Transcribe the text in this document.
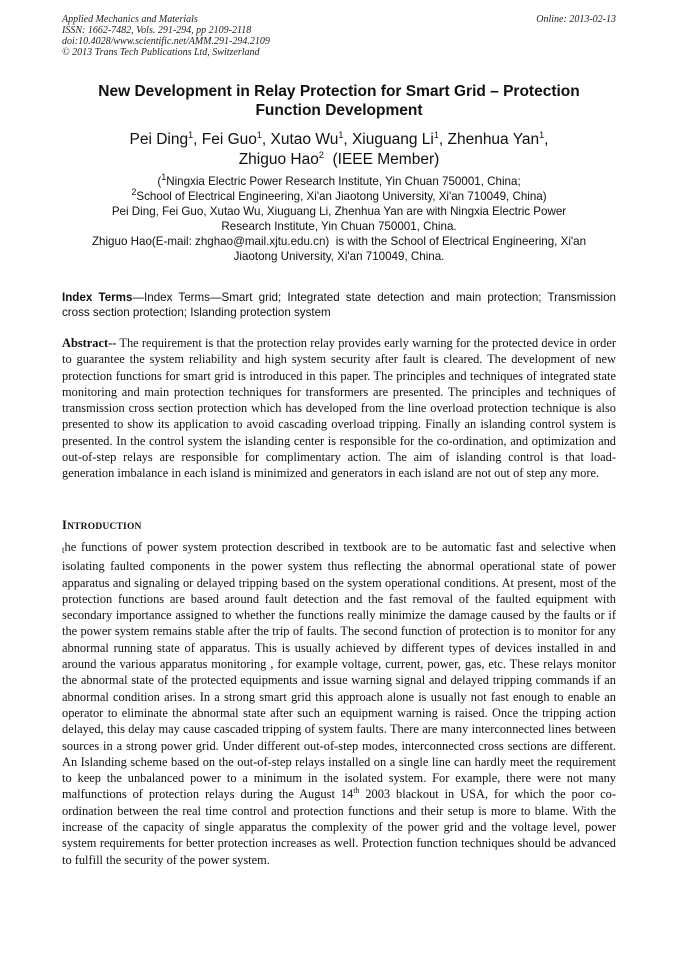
Applied Mechanics and Materials
ISSN: 1662-7482, Vols. 291-294, pp 2109-2118
doi:10.4028/www.scientific.net/AMM.291-294.2109
© 2013 Trans Tech Publications Ltd, Switzerland
Online: 2013-02-13
New Development in Relay Protection for Smart Grid – Protection
Function Development
Pei Ding$^1$, Fei Guo$^1$, Xutao Wu$^1$, Xiuguang Li$^1$, Zhenhua Yan$^1$,
Zhiguo Hao$^2$  (IEEE Member)
($^1$Ningxia Electric Power Research Institute, Yin Chuan 750001, China;
$^2$School of Electrical Engineering, Xi'an Jiaotong University, Xi'an 710049, China)
Pei Ding, Fei Guo, Xutao Wu, Xiuguang Li, Zhenhua Yan are with Ningxia Electric Power
Research Institute, Yin Chuan 750001, China.
Zhiguo Hao(E-mail: zhghao@mail.xjtu.edu.cn)  is with the School of Electrical Engineering, Xi'an
Jiaotong University, Xi'an 710049, China.
Index Terms—Index Terms—Smart grid; Integrated state detection and main protection; Transmission cross section protection; Islanding protection system
Abstract-- The requirement is that the protection relay provides early warning for the protected device in order to guarantee the system reliability and high system security after fault is cleared. The development of new protection functions for smart grid is introduced in this paper. The principles and techniques of integrated state monitoring and main protection techniques for transformers are presented. The principles and techniques of transmission cross section protection which has developed from the line overload protection technique is also presented to show its application to avoid cascading overload tripping. Finally an islanding control system is presented. In the control system the islanding center is responsible for the co-ordination, and optimization and out-of-step relays are responsible for complimentary action. The aim of islanding control is that load-generation imbalance in each island is minimized and generators in each island are not out of step any more.
INTRODUCTION
the functions of power system protection described in textbook are to be automatic fast and selective when isolating faulted components in the power system thus reflecting the abnormal operational state of power apparatus and signaling or delayed tripping based on the system operational conditions. At present, most of the protection functions are based around fault detection and the fast removal of the faulted equipment with secondary importance assigned to whether the functions really minimize the damage caused by the faults or if the power system remains stable after the trip of faults. The second function of protection is to monitor for any abnormal running state of apparatus. This is usually achieved by different types of devices installed in and around the various apparatus monitoring , for example voltage, current, power, gas, etc. These relays monitor the abnormal state of the protected equipments and issue warning signal and delayed tripping commands if an abnormal condition arises. In a strong smart grid this approach alone is usually not fast enough to enable an operator to eliminate the abnormal state after such an equipment warning is raised. Once the tripping action delayed, this delay may cause cascaded tripping of system faults. There are many interconnected lines between sources in a strong power grid. Under different out-of-step modes, interconnected cross sections are different. An Islanding scheme based on the out-of-step relays installed on a single line can hardly meet the requirement to keep the unbalanced power to a minimum in the isolated system. For example, there were not many malfunctions of protection relays during the August 14th 2003 blackout in USA, for which the poor co-ordination between the real time control and protection functions and their setup is more to blame. With the increase of the capacity of single apparatus the complexity of the power grid and the voltage level, power system requirements for better protection increases as well. Protection function techniques should be advanced to fulfill the security of the power system.
